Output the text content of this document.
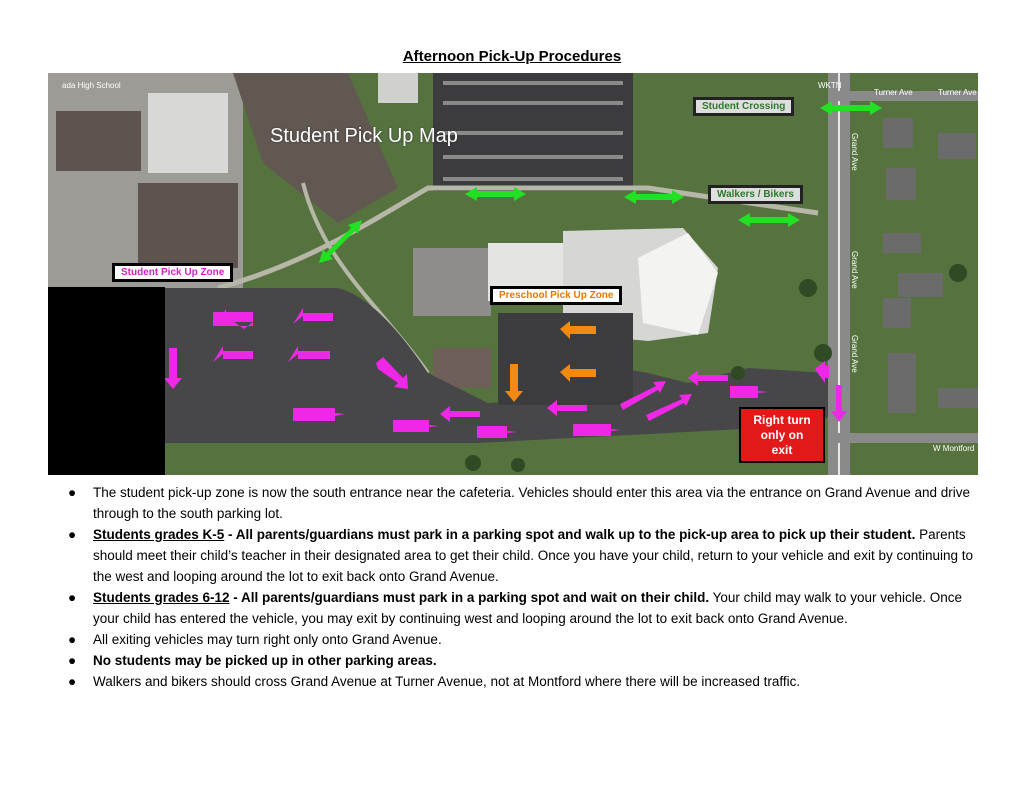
Afternoon Pick-Up Procedures
Student Pick Up Map
Student Crossing
Walkers / Bikers
Student Pick Up Zone
Preschool Pick Up Zone
Right turn
only on
exit
Turner Ave	Turner Ave
WKTN
ada High School
Grand Ave
Grand Ave
Grand Ave
W Montford
● The student pick-up zone is now the south entrance near the cafeteria. Vehicles should enter this area via the entrance on Grand Avenue and drive through to the south parking lot.
● Students grades K-5 - All parents/guardians must park in a parking spot and walk up to the pick-up area to pick up their student. Parents should meet their child’s teacher in their designated area to get their child. Once you have your child, return to your vehicle and exit by continuing to the west and looping around the lot to exit back onto Grand Avenue.
● Students grades 6-12 - All parents/guardians must park in a parking spot and wait on their child. Your child may walk to your vehicle. Once your child has entered the vehicle, you may exit by continuing west and looping around the lot to exit back onto Grand Avenue.
● All exiting vehicles may turn right only onto Grand Avenue.
● No students may be picked up in other parking areas.
● Walkers and bikers should cross Grand Avenue at Turner Avenue, not at Montford where there will be increased traffic.
